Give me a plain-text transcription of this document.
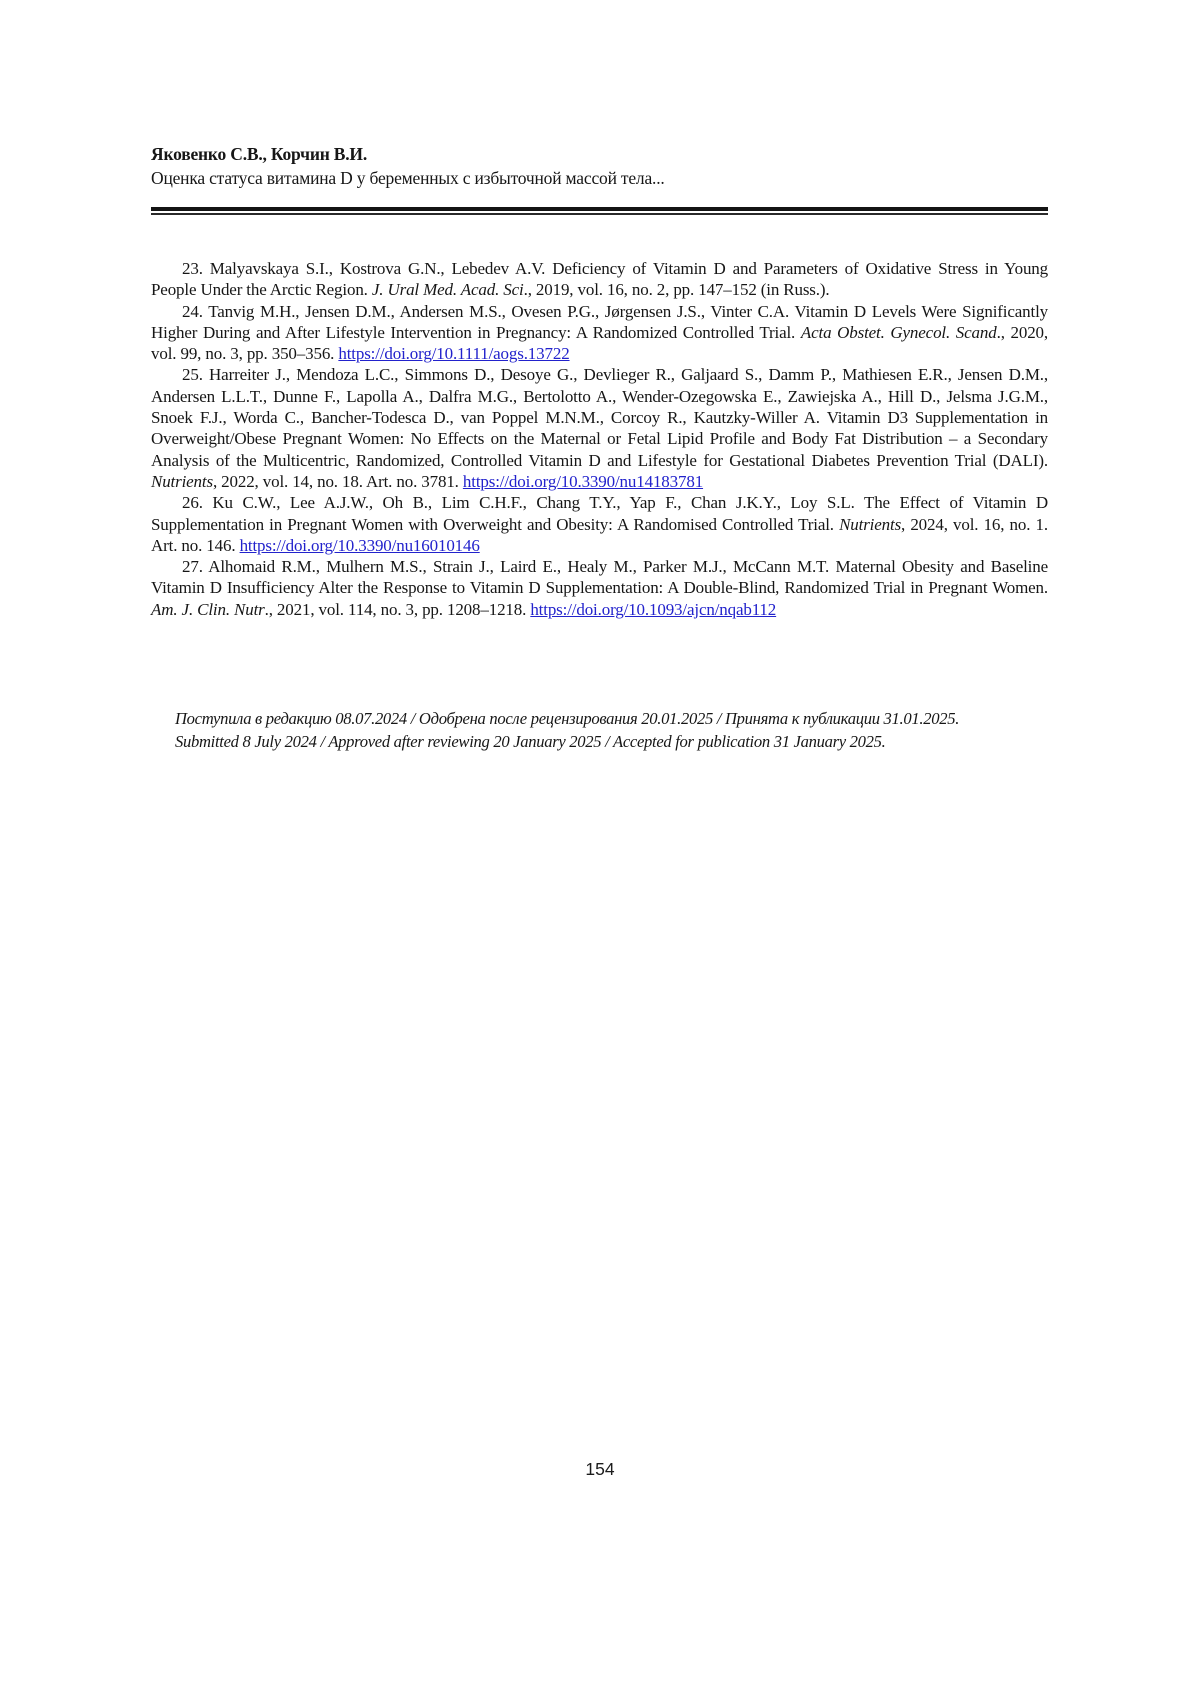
Яковенко С.В., Корчин В.И.
Оценка статуса витамина D у беременных с избыточной массой тела...

23. Malyavskaya S.I., Kostrova G.N., Lebedev A.V. Deficiency of Vitamin D and Parameters of Oxidative Stress in Young People Under the Arctic Region. J. Ural Med. Acad. Sci., 2019, vol. 16, no. 2, pp. 147–152 (in Russ.).

24. Tanvig M.H., Jensen D.M., Andersen M.S., Ovesen P.G., Jørgensen J.S., Vinter C.A. Vitamin D Levels Were Significantly Higher During and After Lifestyle Intervention in Pregnancy: A Randomized Controlled Trial. Acta Obstet. Gynecol. Scand., 2020, vol. 99, no. 3, pp. 350–356. https://doi.org/10.1111/aogs.13722

25. Harreiter J., Mendoza L.C., Simmons D., Desoye G., Devlieger R., Galjaard S., Damm P., Mathiesen E.R., Jensen D.M., Andersen L.L.T., Dunne F., Lapolla A., Dalfra M.G., Bertolotto A., Wender-Ozegowska E., Zawiejska A., Hill D., Jelsma J.G.M., Snoek F.J., Worda C., Bancher-Todesca D., van Poppel M.N.M., Corcoy R., Kautzky-Willer A. Vitamin D3 Supplementation in Overweight/Obese Pregnant Women: No Effects on the Maternal or Fetal Lipid Profile and Body Fat Distribution – a Secondary Analysis of the Multicentric, Randomized, Controlled Vitamin D and Lifestyle for Gestational Diabetes Prevention Trial (DALI). Nutrients, 2022, vol. 14, no. 18. Art. no. 3781. https://doi.org/10.3390/nu14183781

26. Ku C.W., Lee A.J.W., Oh B., Lim C.H.F., Chang T.Y., Yap F., Chan J.K.Y., Loy S.L. The Effect of Vitamin D Supplementation in Pregnant Women with Overweight and Obesity: A Randomised Controlled Trial. Nutrients, 2024, vol. 16, no. 1. Art. no. 146. https://doi.org/10.3390/nu16010146

27. Alhomaid R.M., Mulhern M.S., Strain J., Laird E., Healy M., Parker M.J., McCann M.T. Maternal Obesity and Baseline Vitamin D Insufficiency Alter the Response to Vitamin D Supplementation: A Double-Blind, Randomized Trial in Pregnant Women. Am. J. Clin. Nutr., 2021, vol. 114, no. 3, pp. 1208–1218. https://doi.org/10.1093/ajcn/nqab112

Поступила в редакцию 08.07.2024 / Одобрена после рецензирования 20.01.2025 / Принята к публикации 31.01.2025.
Submitted 8 July 2024 / Approved after reviewing 20 January 2025 / Accepted for publication 31 January 2025.
154
